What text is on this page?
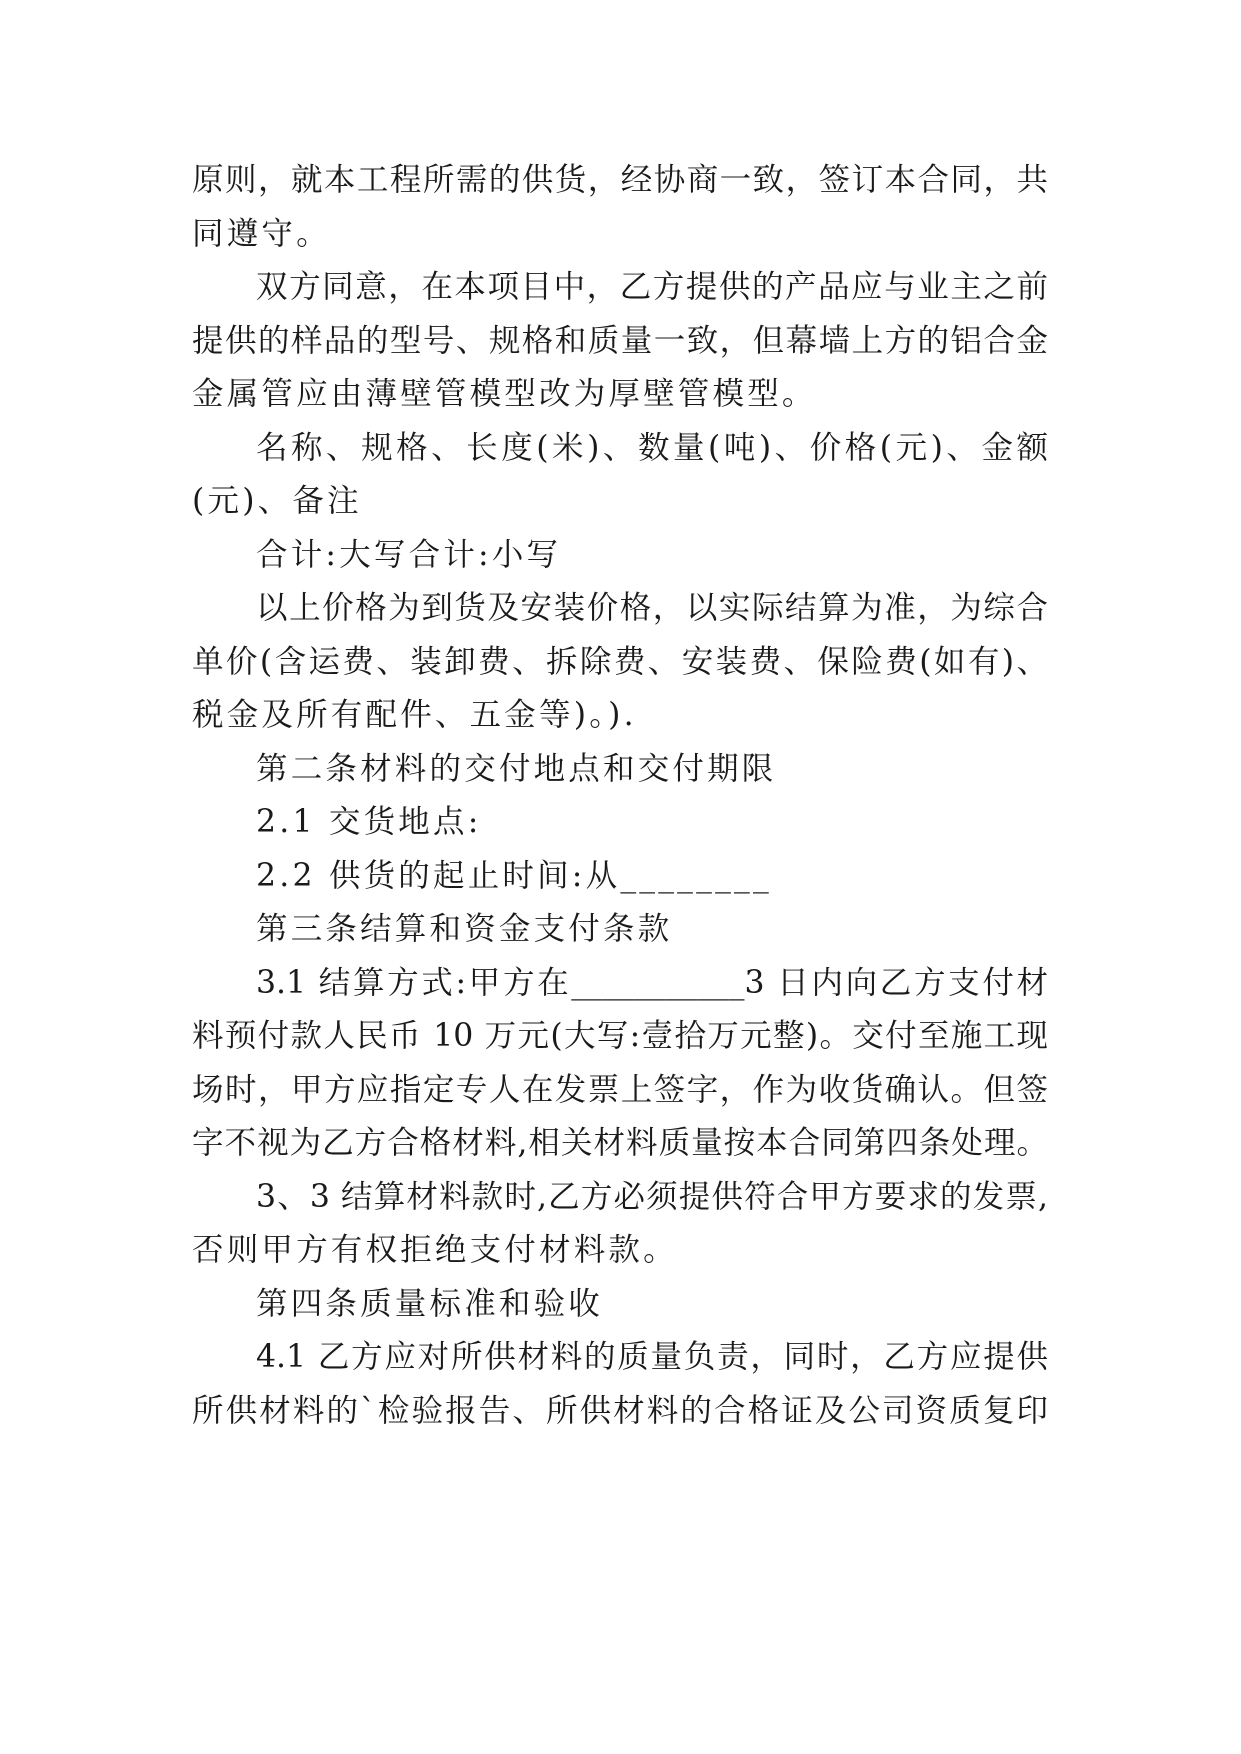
原则，就本工程所需的供货，经协商一致，签订本合同，共
同遵守。
双方同意，在本项目中，乙方提供的产品应与业主之前
提供的样品的型号、规格和质量一致，但幕墙上方的铝合金
金属管应由薄壁管模型改为厚壁管模型。
名称、规格、长度(米)、数量(吨)、价格(元)、金额
(元)、备注
合计:大写合计:小写
以上价格为到货及安装价格，以实际结算为准，为综合
单价(含运费、装卸费、拆除费、安装费、保险费(如有)、
税金及所有配件、五金等)。).
第二条材料的交付地点和交付期限
2.1 交货地点:
2.2 供货的起止时间:从________
第三条结算和资金支付条款
3.1 结算方式:甲方在___________3 日内向乙方支付材
料预付款人民币 10 万元(大写:壹拾万元整)。交付至施工现
场时，甲方应指定专人在发票上签字，作为收货确认。但签
字不视为乙方合格材料,相关材料质量按本合同第四条处理。
3、3 结算材料款时,乙方必须提供符合甲方要求的发票,
否则甲方有权拒绝支付材料款。
第四条质量标准和验收
4.1 乙方应对所供材料的质量负责，同时，乙方应提供
所供材料的`检验报告、所供材料的合格证及公司资质复印
